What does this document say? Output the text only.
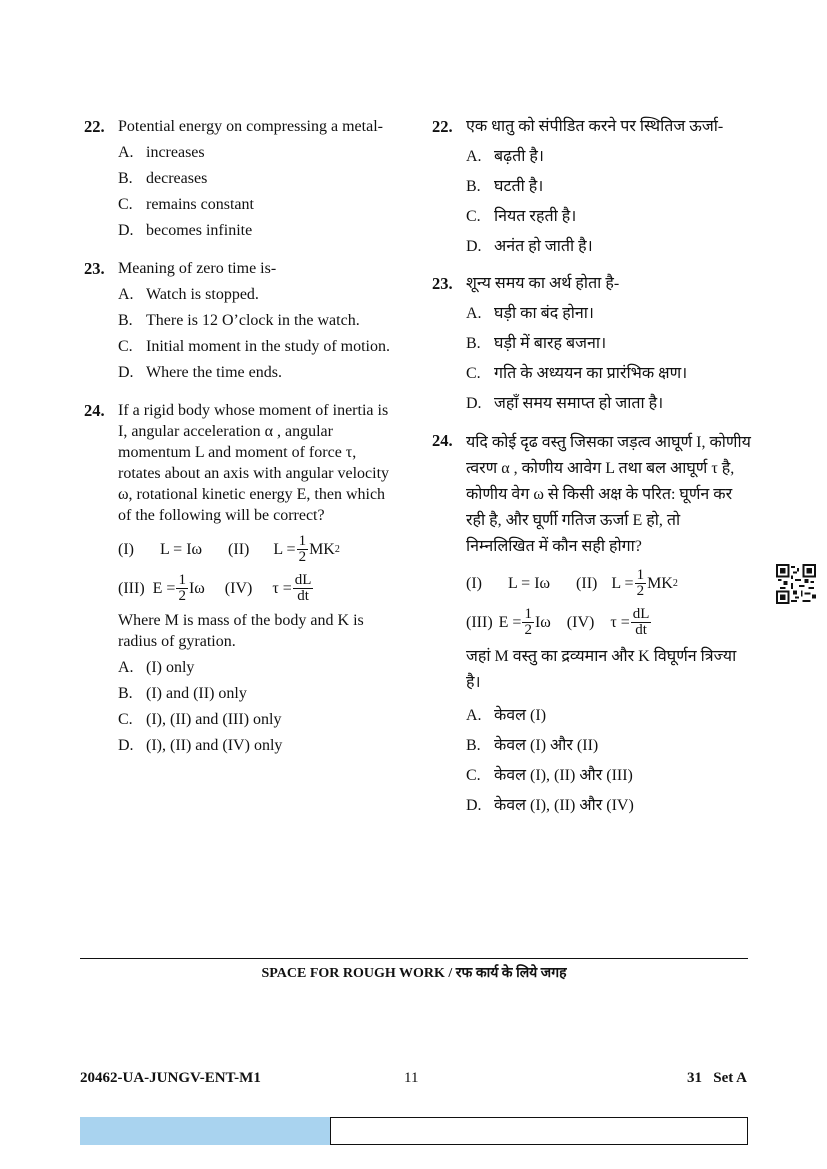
22. Potential energy on compressing a metal-

A. increases
B. decreases
C. remains constant
D. becomes infinite
23. Meaning of zero time is-

A. Watch is stopped.
B. There is 12 O’clock in the watch.
C. Initial moment in the study of motion.
D. Where the time ends.
24. If a rigid body whose moment of inertia is I, angular acceleration α , angular momentum L and moment of force τ, rotates about an axis with angular velocity ω, rotational kinetic energy E, then which of the following will be correct?

(I) L = Iω (II) $L = \frac{1}{2}$ MK 2
(III) $E = \frac{1}{2}$ Iω (IV) $\tau = \frac{dL}{dt}$

Where M is mass of the body and K is radius of gyration.

A. (I) only
B. (I) and (II) only
C. (I), (II) and (III) only
D. (I), (II) and (IV) only
22. एक धातु को संपीडित करने पर स्थितिज ऊर्जा-

A. बढ़ती है।
B. घटती है।
C. नियत रहती है।
D. अनंत हो जाती है।
23. शून्य समय का अर्थ होता है-

A. घड़ी का बंद होना।
B. घड़ी में बारह बजना।
C. गति के अध्ययन का प्रारंभिक क्षण।
D. जहाँ समय समाप्त हो जाता है।
24. यदि कोई दृढ वस्तु जिसका जड़त्व आघूर्ण I, कोणीय त्वरण α , कोणीय आवेग L तथा बल आघूर्ण τ है, कोणीय वेग ω से किसी अक्ष के परित: घूर्णन कर रही है, और घूर्णी गतिज ऊर्जा E हो, तो निम्नलिखित में कौन सही होगा?

(I) L = Iω (II) $L = \frac{1}{2}$ MK 2
(III) $E = \frac{1}{2}$ Iω (IV) $\tau = \frac{dL}{dt}$

जहां M वस्तु का द्रव्यमान और K विघूर्णन त्रिज्या है।

A. केवल (I)
B. केवल (I) और (II)
C. केवल (I), (II) और (III)
D. केवल (I), (II) और (IV)
SPACE FOR ROUGH WORK / रफ कार्य के लिये जगह
20462-UA-JUNGV-ENT-M1	11	31   Set A
